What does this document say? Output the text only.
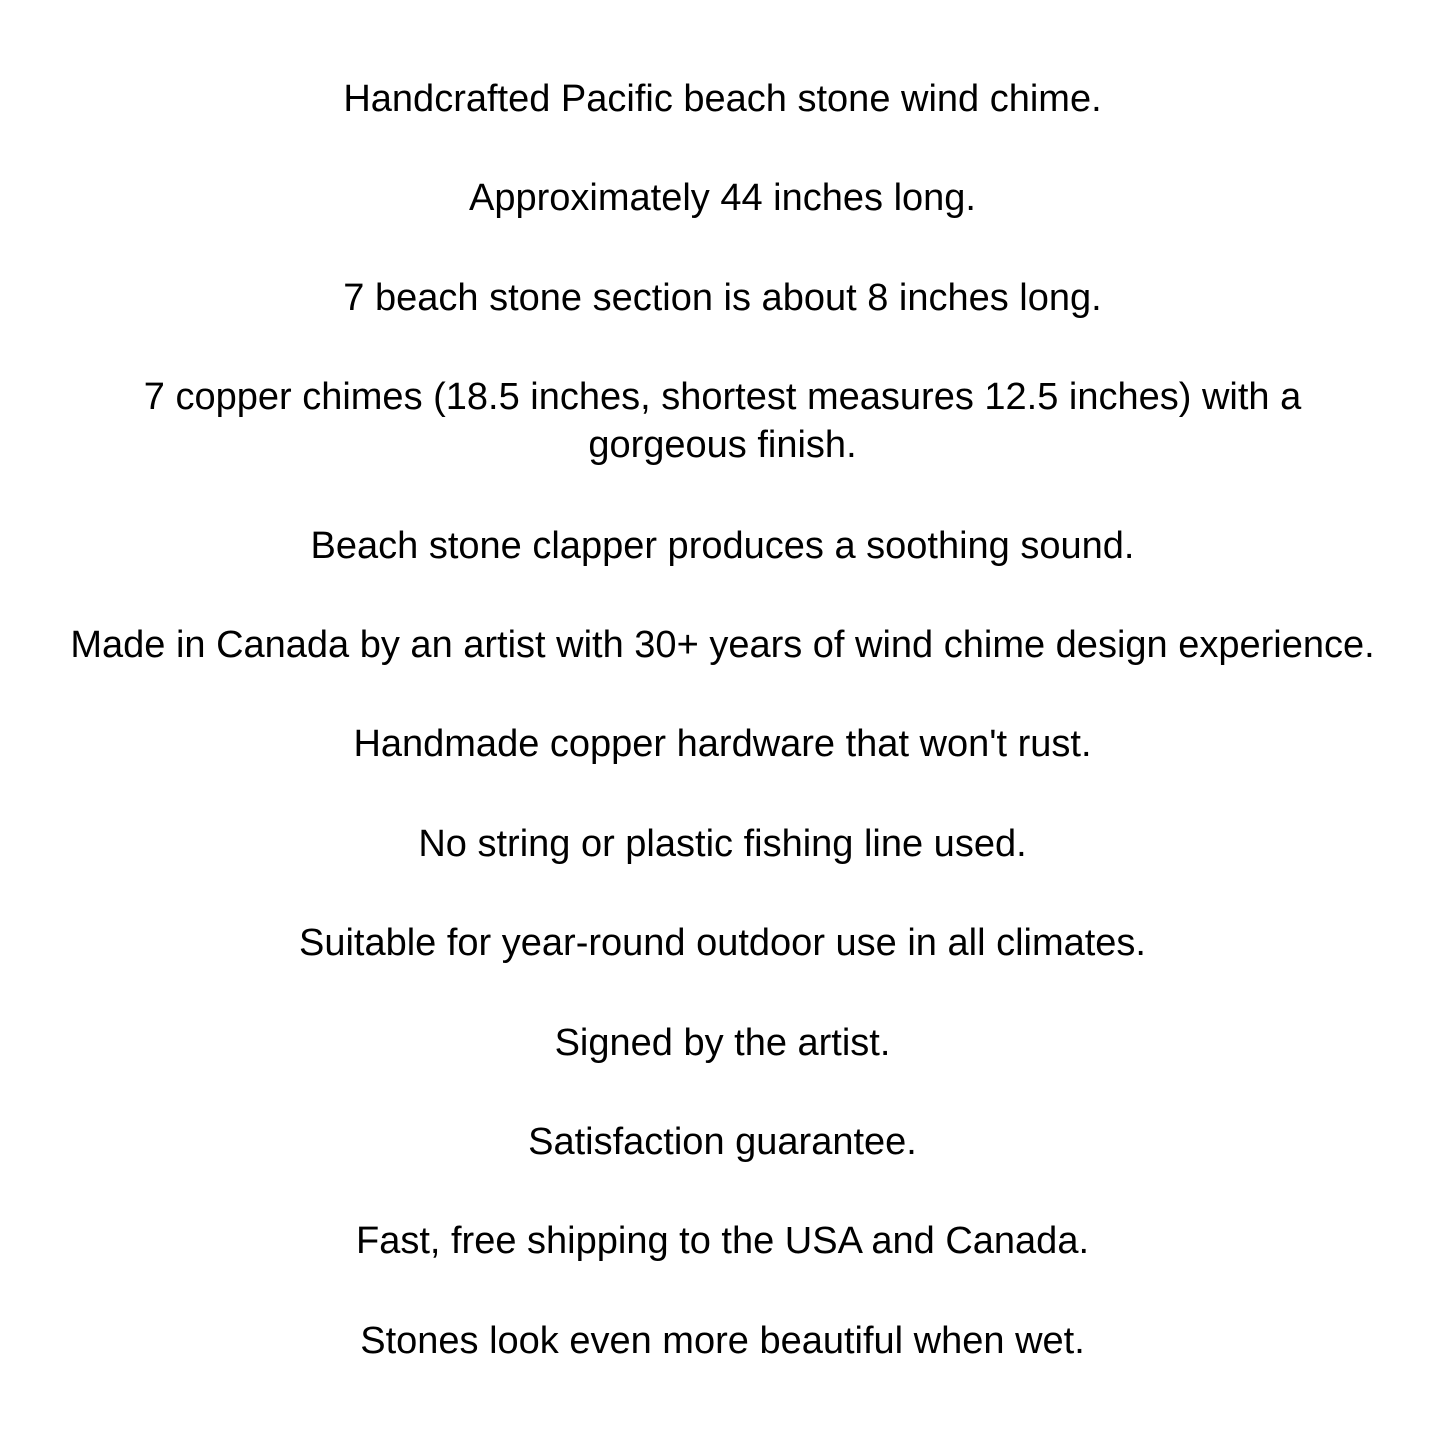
Handcrafted Pacific beach stone wind chime.
Approximately 44 inches long.
7 beach stone section is about 8 inches long.
7 copper chimes (18.5 inches, shortest measures 12.5 inches) with a
gorgeous finish.
Beach stone clapper produces a soothing sound.
Made in Canada by an artist with 30+ years of wind chime design experience.
Handmade copper hardware that won't rust.
No string or plastic fishing line used.
Suitable for year-round outdoor use in all climates.
Signed by the artist.
Satisfaction guarantee.
Fast, free shipping to the USA and Canada.
Stones look even more beautiful when wet.
